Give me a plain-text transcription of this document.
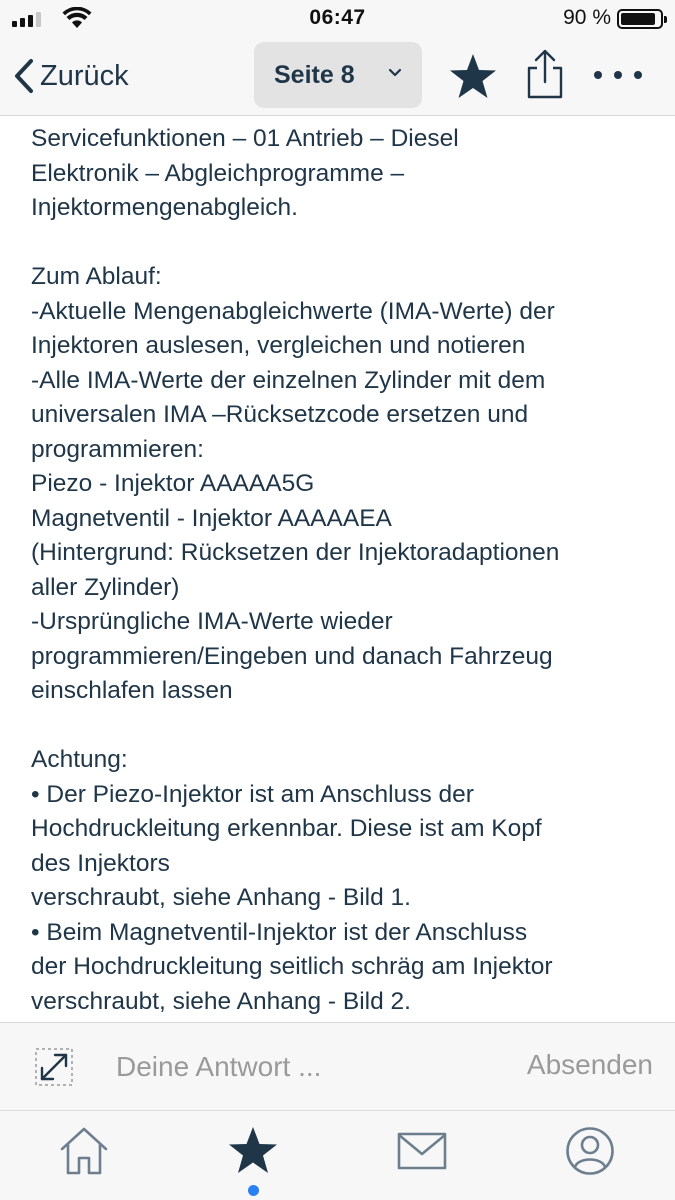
06:47	90 %
Zurück	Seite 8
Servicefunktionen – 01 Antrieb – Diesel
Elektronik – Abgleichprogramme –
Injektormengenabgleich.

Zum Ablauf:
-Aktuelle Mengenabgleichwerte (IMA-Werte) der
Injektoren auslesen, vergleichen und notieren
-Alle IMA-Werte der einzelnen Zylinder mit dem
universalen IMA –Rücksetzcode ersetzen und
programmieren:
Piezo - Injektor AAAAA5G
Magnetventil - Injektor AAAAAEA
(Hintergrund: Rücksetzen der Injektoradaptionen
aller Zylinder)
-Ursprüngliche IMA-Werte wieder
programmieren/Eingeben und danach Fahrzeug
einschlafen lassen

Achtung:
• Der Piezo-Injektor ist am Anschluss der
Hochdruckleitung erkennbar. Diese ist am Kopf
des Injektors
verschraubt, siehe Anhang - Bild 1.
• Beim Magnetventil-Injektor ist der Anschluss
der Hochdruckleitung seitlich schräg am Injektor
verschraubt, siehe Anhang - Bild 2.
Deine Antwort ...
Absenden
